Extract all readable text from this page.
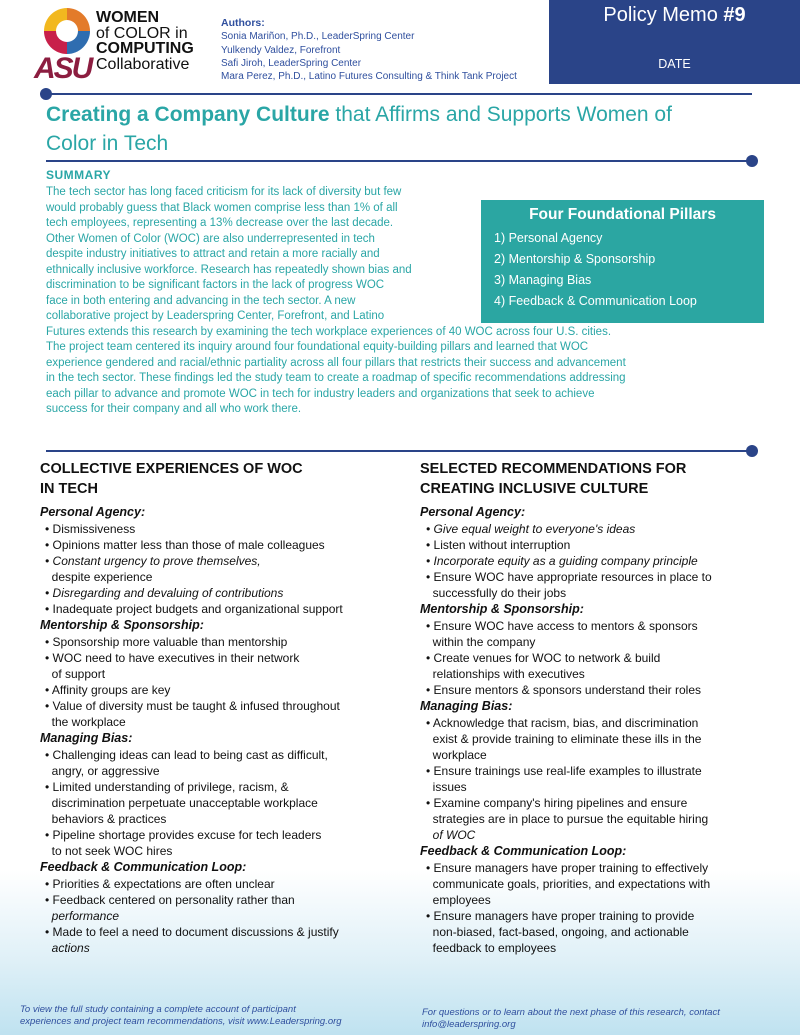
ASU
WOMEN
of COLOR in
COMPUTING
Collaborative
Authors:
Sonia Mariñon, Ph.D., LeaderSpring Center
Yulkendy Valdez, Forefront
Safi Jiroh, LeaderSpring Center
Mara Perez, Ph.D., Latino Futures Consulting & Think Tank Project
Policy Memo #9
DATE
Creating a Company Culture that Affirms and Supports Women of
Color in Tech
SUMMARY
The tech sector has long faced criticism for its lack of diversity but few
would probably guess that Black women comprise less than 1% of all
tech employees, representing a 13% decrease over the last decade.
Other Women of Color (WOC) are also underrepresented in tech
despite industry initiatives to attract and retain a more racially and
ethnically inclusive workforce. Research has repeatedly shown bias and
discrimination to be significant factors in the lack of progress WOC
face in both entering and advancing in the tech sector. A new
collaborative project by Leaderspring Center, Forefront, and Latino
Futures extends this research by examining the tech workplace experiences of 40 WOC across four U.S. cities.
The project team centered its inquiry around four foundational equity-building pillars and learned that WOC
experience gendered and racial/ethnic partiality across all four pillars that restricts their success and advancement
in the tech sector. These findings led the study team to create a roadmap of specific recommendations addressing
each pillar to advance and promote WOC in tech for industry leaders and organizations that seek to achieve
success for their company and all who work there.
Four Foundational Pillars
1) Personal Agency
2) Mentorship & Sponsorship
3) Managing Bias
4) Feedback & Communication Loop
COLLECTIVE EXPERIENCES OF WOC
IN TECH
Personal Agency:
• Dismissiveness
• Opinions matter less than those of male colleagues
• Constant urgency to prove themselves,
despite experience
• Disregarding and devaluing of contributions
• Inadequate project budgets and organizational support
Mentorship & Sponsorship:
• Sponsorship more valuable than mentorship
• WOC need to have executives in their network
of support
• Affinity groups are key
• Value of diversity must be taught & infused throughout
the workplace
Managing Bias:
• Challenging ideas can lead to being cast as difficult,
angry, or aggressive
• Limited understanding of privilege, racism, &
discrimination perpetuate unacceptable workplace
behaviors & practices
• Pipeline shortage provides excuse for tech leaders
to not seek WOC hires
Feedback & Communication Loop:
• Priorities & expectations are often unclear
• Feedback centered on personality rather than
performance
• Made to feel a need to document discussions & justify
actions
SELECTED RECOMMENDATIONS FOR
CREATING INCLUSIVE CULTURE
Personal Agency:
• Give equal weight to everyone's ideas
• Listen without interruption
• Incorporate equity as a guiding company principle
• Ensure WOC have appropriate resources in place to
successfully do their jobs
Mentorship & Sponsorship:
• Ensure WOC have access to mentors & sponsors
within the company
• Create venues for WOC to network & build
relationships with executives
• Ensure mentors & sponsors understand their roles
Managing Bias:
• Acknowledge that racism, bias, and discrimination
exist & provide training to eliminate these ills in the
workplace
• Ensure trainings use real-life examples to illustrate
issues
• Examine company's hiring pipelines and ensure
strategies are in place to pursue the equitable hiring
of WOC
Feedback & Communication Loop:
• Ensure managers have proper training to effectively
communicate goals, priorities, and expectations with
employees
• Ensure managers have proper training to provide
non-biased, fact-based, ongoing, and actionable
feedback to employees
To view the full study containing a complete account of participant
experiences and project team recommendations, visit www.Leaderspring.org
For questions or to learn about the next phase of this research, contact
info@leaderspring.org
